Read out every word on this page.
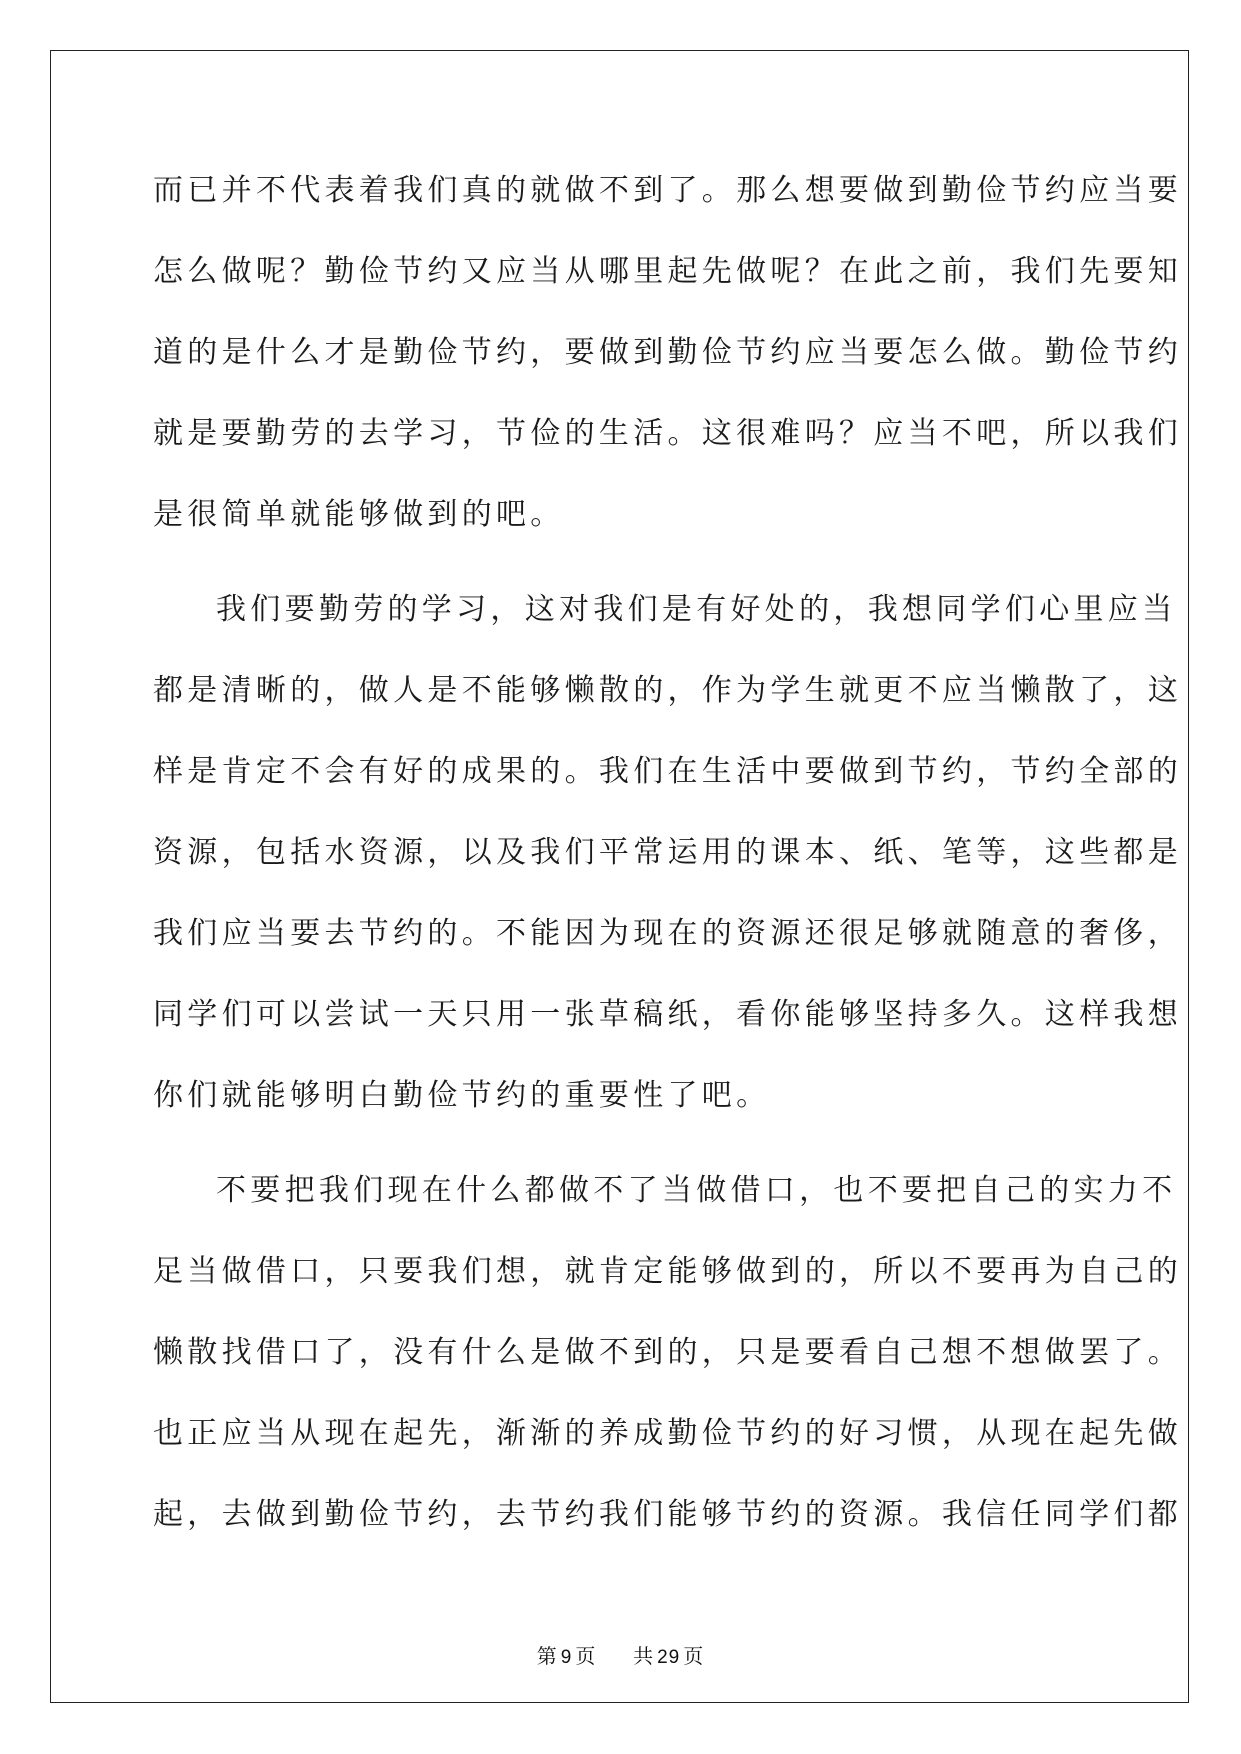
而已并不代表着我们真的就做不到了。那么想要做到勤俭节约应当要
怎么做呢？勤俭节约又应当从哪里起先做呢？在此之前，我们先要知
道的是什么才是勤俭节约，要做到勤俭节约应当要怎么做。勤俭节约
就是要勤劳的去学习，节俭的生活。这很难吗？应当不吧，所以我们
是很简单就能够做到的吧。
我们要勤劳的学习，这对我们是有好处的，我想同学们心里应当
都是清晰的，做人是不能够懒散的，作为学生就更不应当懒散了，这
样是肯定不会有好的成果的。我们在生活中要做到节约，节约全部的
资源，包括水资源，以及我们平常运用的课本、纸、笔等，这些都是
我们应当要去节约的。不能因为现在的资源还很足够就随意的奢侈，
同学们可以尝试一天只用一张草稿纸，看你能够坚持多久。这样我想
你们就能够明白勤俭节约的重要性了吧。
不要把我们现在什么都做不了当做借口，也不要把自己的实力不
足当做借口，只要我们想，就肯定能够做到的，所以不要再为自己的
懒散找借口了，没有什么是做不到的，只是要看自己想不想做罢了。
也正应当从现在起先，渐渐的养成勤俭节约的好习惯，从现在起先做
起，去做到勤俭节约，去节约我们能够节约的资源。我信任同学们都
第 9 页 共 29 页
